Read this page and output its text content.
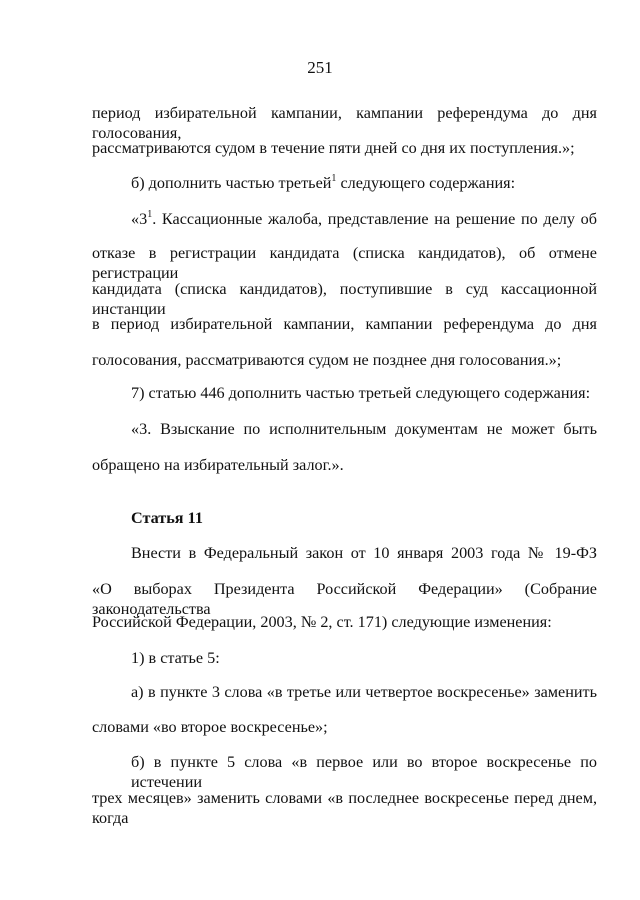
251
период избирательной кампании, кампании референдума до дня голосования,
рассматриваются судом в течение пяти дней со дня их поступления.»;
б) дополнить частью третьей$^1$ следующего содержания:
«$3^1$. Кассационные жалоба, представление на решение по делу об
отказе в регистрации кандидата (списка кандидатов), об отмене регистрации
кандидата (списка кандидатов), поступившие в суд кассационной инстанции
в период избирательной кампании, кампании референдума до дня
голосования, рассматриваются судом не позднее дня голосования.»;
7) статью 446 дополнить частью третьей следующего содержания:
«3. Взыскание по исполнительным документам не может быть
обращено на избирательный залог.».
Статья 11
Внести в Федеральный закон от 10 января 2003 года № 19-ФЗ
«О выборах Президента Российской Федерации» (Собрание законодательства
Российской Федерации, 2003, № 2, ст. 171) следующие изменения:
1) в статье 5:
а) в пункте 3 слова «в третье или четвертое воскресенье» заменить
словами «во второе воскресенье»;
б) в пункте 5 слова «в первое или во второе воскресенье по истечении
трех месяцев» заменить словами «в последнее воскресенье перед днем, когда
